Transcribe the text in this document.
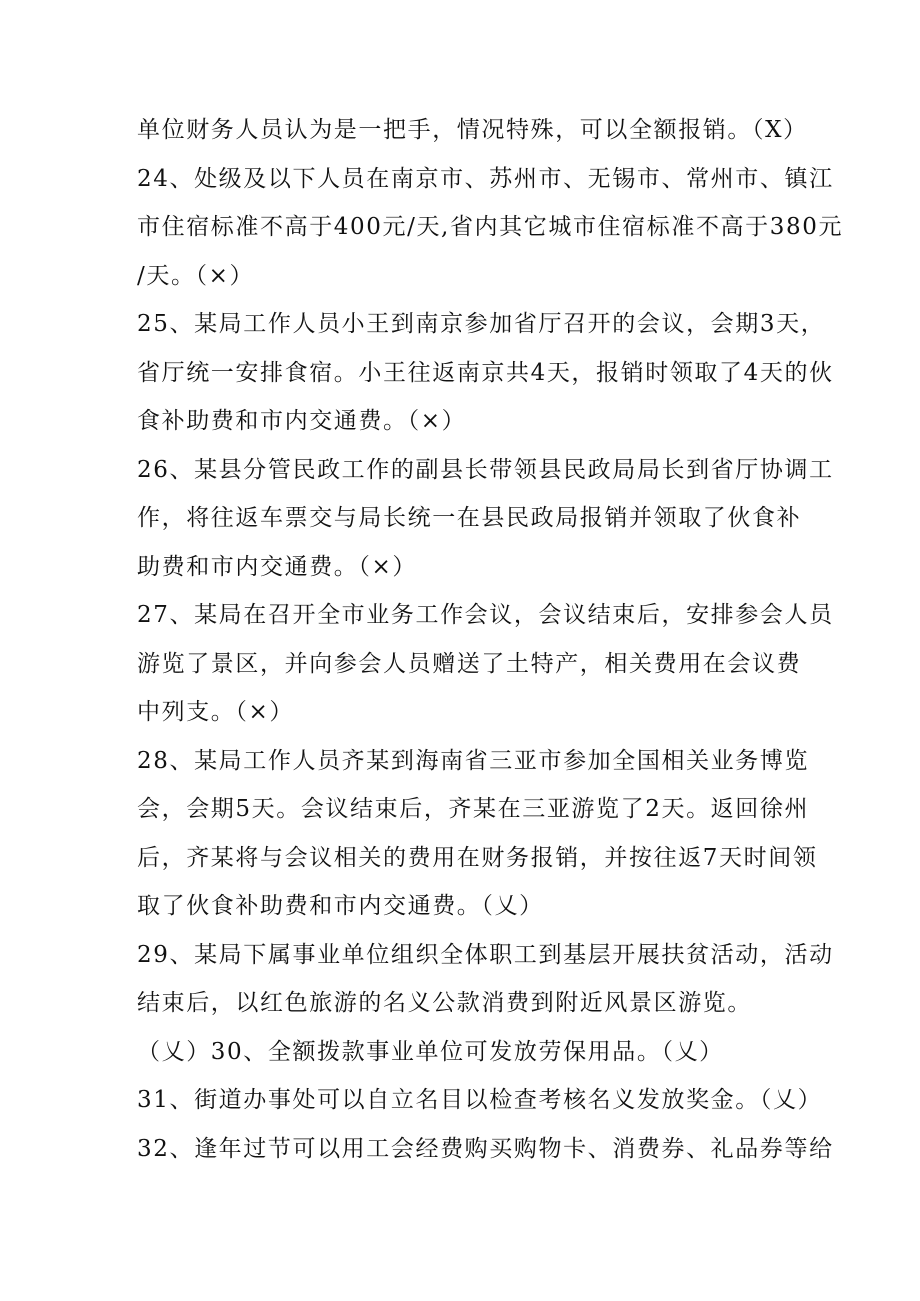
单位财务人员认为是一把手，情况特殊，可以全额报销。（X）
24、处级及以下人员在南京市、苏州市、无锡市、常州市、镇江
市住宿标准不高于400元/天,省内其它城市住宿标准不高于380元
/天。（×）
25、某局工作人员小王到南京参加省厅召开的会议，会期3天，
省厅统一安排食宿。小王往返南京共4天，报销时领取了4天的伙
食补助费和市内交通费。（×）
26、某县分管民政工作的副县长带领县民政局局长到省厅协调工
作，将往返车票交与局长统一在县民政局报销并领取了伙食补
助费和市内交通费。（×）
27、某局在召开全市业务工作会议，会议结束后，安排参会人员
游览了景区，并向参会人员赠送了土特产，相关费用在会议费
中列支。（×）
28、某局工作人员齐某到海南省三亚市参加全国相关业务博览
会，会期5天。会议结束后，齐某在三亚游览了2天。返回徐州
后，齐某将与会议相关的费用在财务报销，并按往返7天时间领
取了伙食补助费和市内交通费。（乂）
29、某局下属事业单位组织全体职工到基层开展扶贫活动，活动
结束后，以红色旅游的名义公款消费到附近风景区游览。
（乂）30、全额拨款事业单位可发放劳保用品。（乂）
31、街道办事处可以自立名目以检查考核名义发放奖金。（乂）
32、逢年过节可以用工会经费购买购物卡、消费券、礼品券等给
